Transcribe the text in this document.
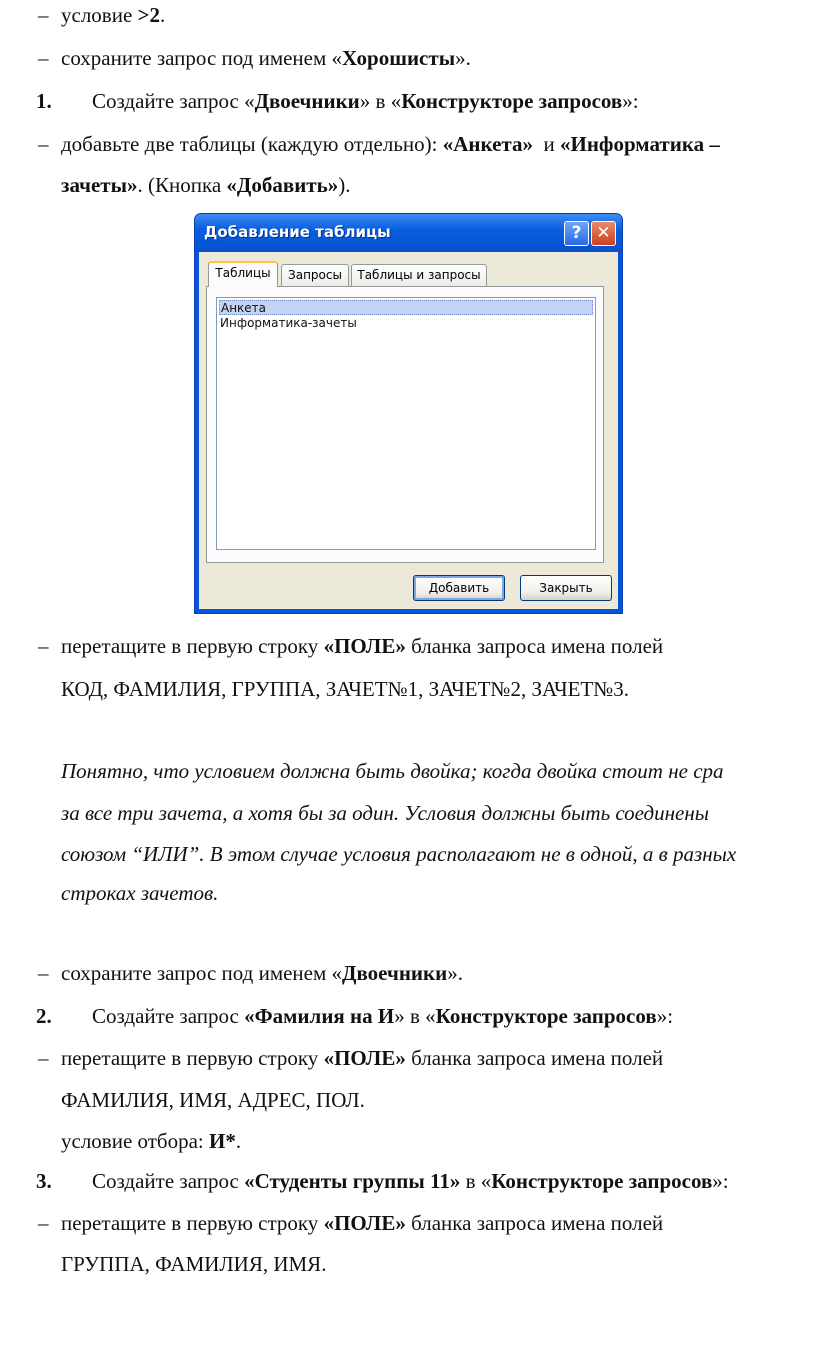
– условие >2.
– сохраните запрос под именем «Хорошисты».
1. Создайте запрос «Двоечники» в «Конструкторе запросов»:
– добавьте две таблицы (каждую отдельно): «Анкета»  и «Информатика –
зачеты». (Кнопка «Добавить»).
Добавление таблицы	? ✕
Таблицы	Запросы	Таблицы и запросы
Анкета
Информатика-зачеты
Добавить	Закрыть
– перетащите в первую строку «ПОЛЕ» бланка запроса имена полей
КОД, ФАМИЛИЯ, ГРУППА, ЗАЧЕТ№1, ЗАЧЕТ№2, ЗАЧЕТ№3.
Понятно, что условием должна быть двойка; когда двойка стоит не сра
за все три зачета, а хотя бы за один. Условия должны быть соединены
союзом “ИЛИ”. В этом случае условия располагают не в одной, а в разных
строках зачетов.
– сохраните запрос под именем «Двоечники».
2. Создайте запрос «Фамилия на И» в «Конструкторе запросов»:
– перетащите в первую строку «ПОЛЕ» бланка запроса имена полей
ФАМИЛИЯ, ИМЯ, АДРЕС, ПОЛ.
условие отбора: И*.
3. Создайте запрос «Студенты группы 11» в «Конструкторе запросов»:
– перетащите в первую строку «ПОЛЕ» бланка запроса имена полей
ГРУППА, ФАМИЛИЯ, ИМЯ.
